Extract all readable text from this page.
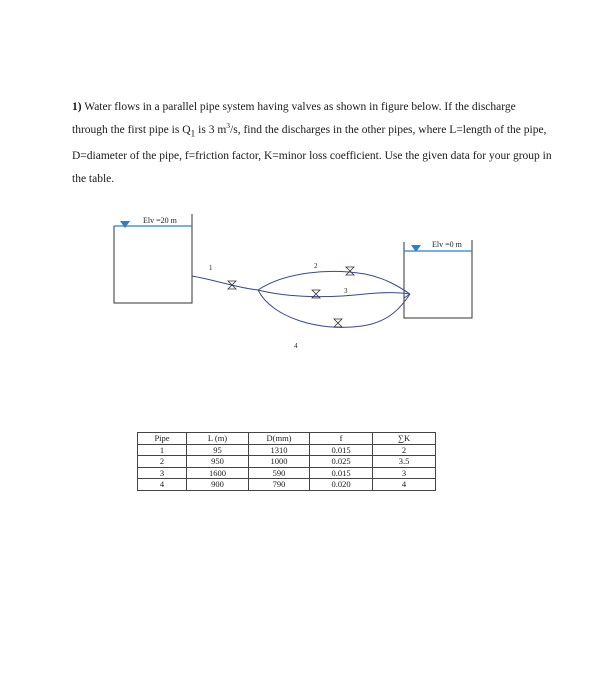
1) Water flows in a parallel pipe system having valves as shown in figure below. If the discharge through the first pipe is $Q_1$ is 3 $m^3/s$, find the discharges in the other pipes, where L=length of the pipe, D=diameter of the pipe, f=friction factor, K=minor loss coefficient. Use the given data for your group in the table.

Elv =20 m
Elv =0 m
1	2
3
4
Pipe	L (m)	D(mm)	f	∑K
1	95	1310	0.015	2
2	950	1000	0.025	3.5
3	1600	590	0.015	3
4	900	790	0.020	4
